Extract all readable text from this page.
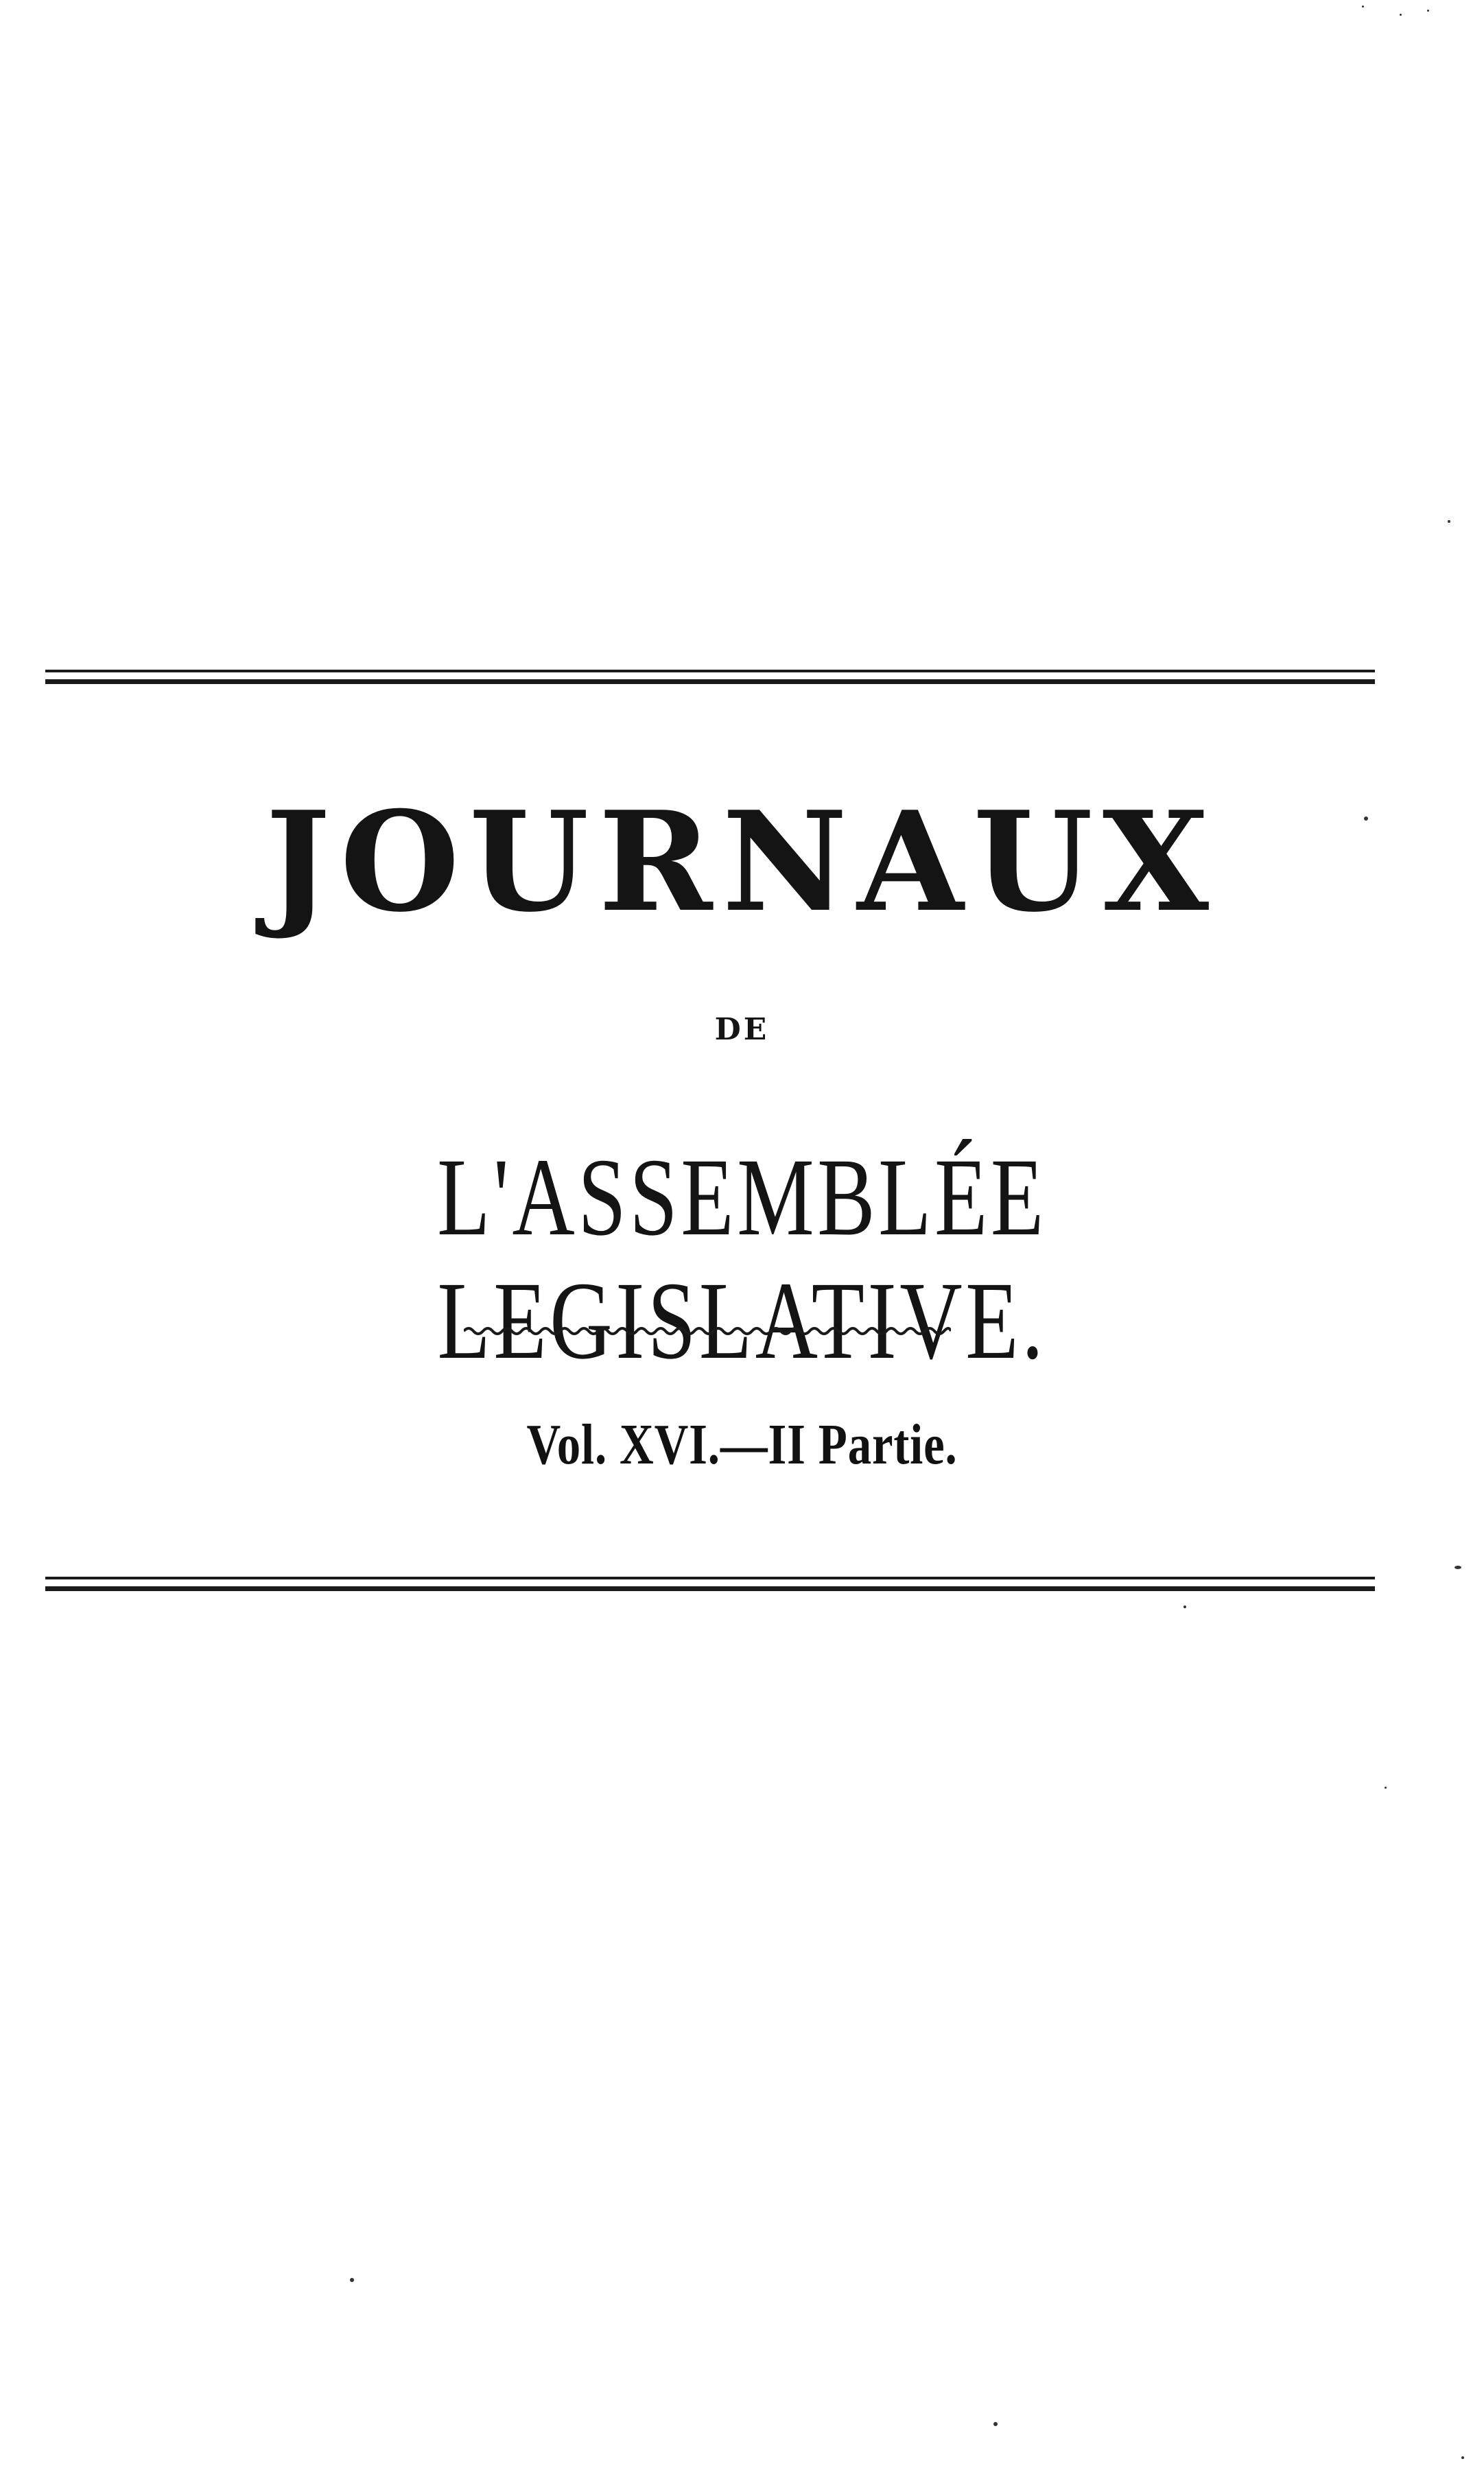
JOURNAUX
DE
L'ASSEMBLÉE LEGISLATIVE.
Vol. XVI.—II Partie.
